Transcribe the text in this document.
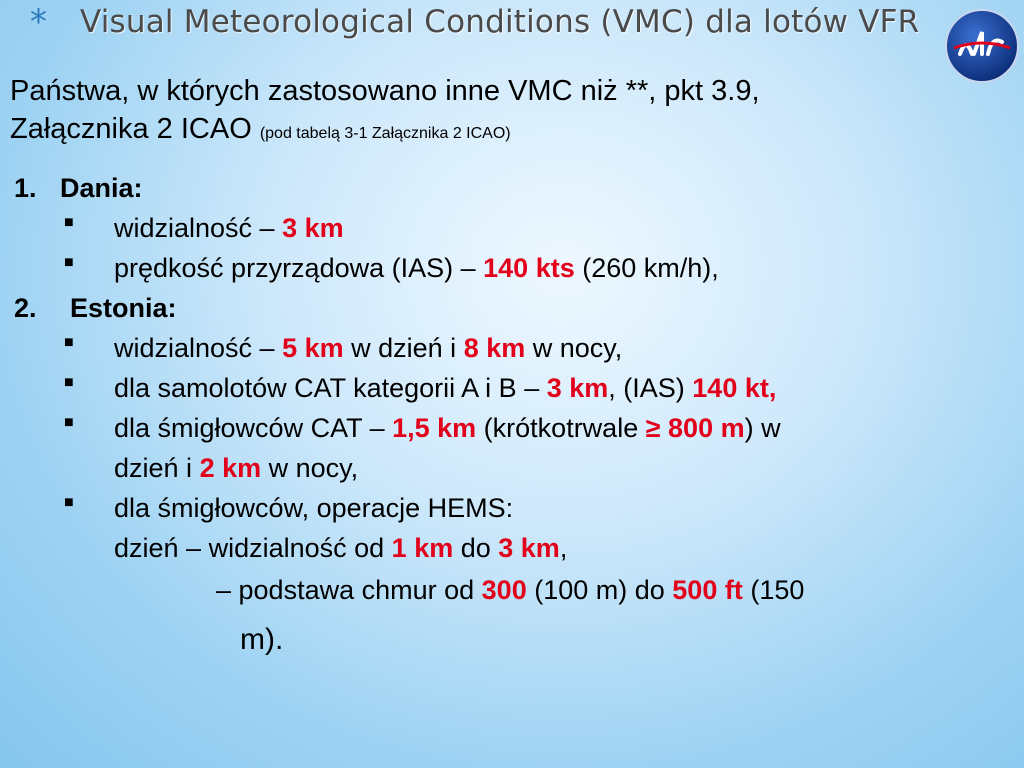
* Visual Meteorological Conditions (VMC) dla lotów VFR
Państwa, w których zastosowano inne VMC niż **, pkt 3.9,
Załącznika 2 ICAO (pod tabelą 3-1 Załącznika 2 ICAO)
1. Dania:
■ widzialność – 3 km
■ prędkość przyrządowa (IAS) – 140 kts (260 km/h),
2. Estonia:
■ widzialność – 5 km w dzień i 8 km w nocy,
■ dla samolotów CAT kategorii A i B – 3 km, (IAS) 140 kt,
■ dla śmigłowców CAT – 1,5 km (krótkotrwale ≥ 800 m) w
dzień i 2 km w nocy,
■ dla śmigłowców, operacje HEMS:
dzień – widzialność od 1 km do 3 km,
– podstawa chmur od 300 (100 m) do 500 ft (150
m).
